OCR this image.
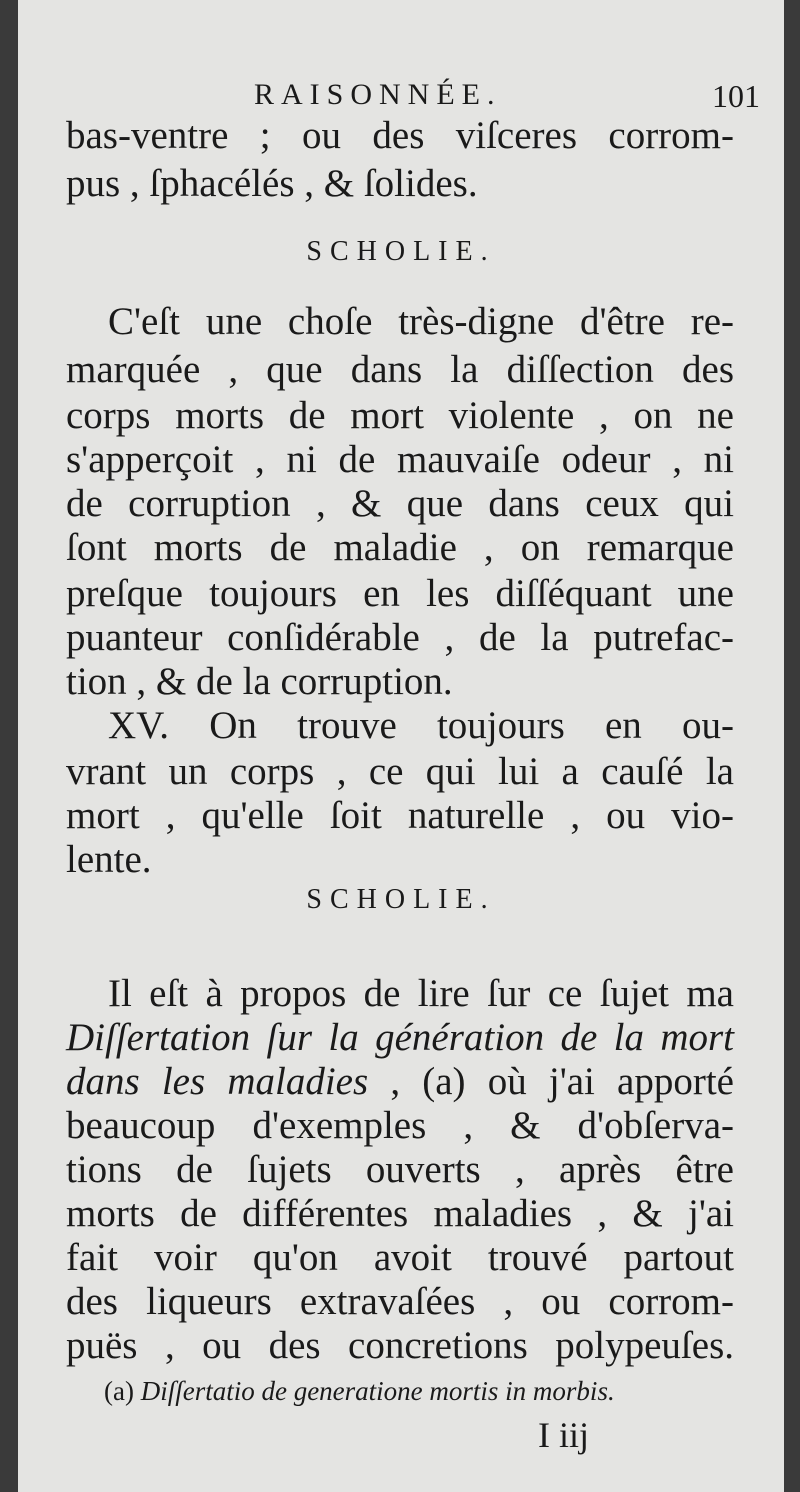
RAISONNÉE.	101
bas-ventre ; ou des viſceres corrom-
pus , ſphacélés , & ſolides.
SCHOLIE.
C'eſt une choſe très-digne d'être re-
marquée , que dans la diſſection des
corps morts de mort violente , on ne
s'apperçoit , ni de mauvaiſe odeur , ni
de corruption , & que dans ceux qui
ſont morts de maladie , on remarque
preſque toujours en les diſſéquant une
puanteur conſidérable , de la putrefac-
tion , & de la corruption.
XV. On trouve toujours en ou-
vrant un corps , ce qui lui a cauſé la
mort , qu'elle ſoit naturelle , ou vio-
lente.
SCHOLIE.
Il eſt à propos de lire ſur ce ſujet ma
Diſſertation ſur la génération de la mort
dans les maladies , (a) où j'ai apporté
beaucoup d'exemples , & d'obſerva-
tions de ſujets ouverts , après être
morts de différentes maladies , & j'ai
fait voir qu'on avoit trouvé partout
des liqueurs extravaſées , ou corrom-
puës , ou des concretions polypeuſes.
(a) Diſſertatio de generatione mortis in morbis.
I iij
